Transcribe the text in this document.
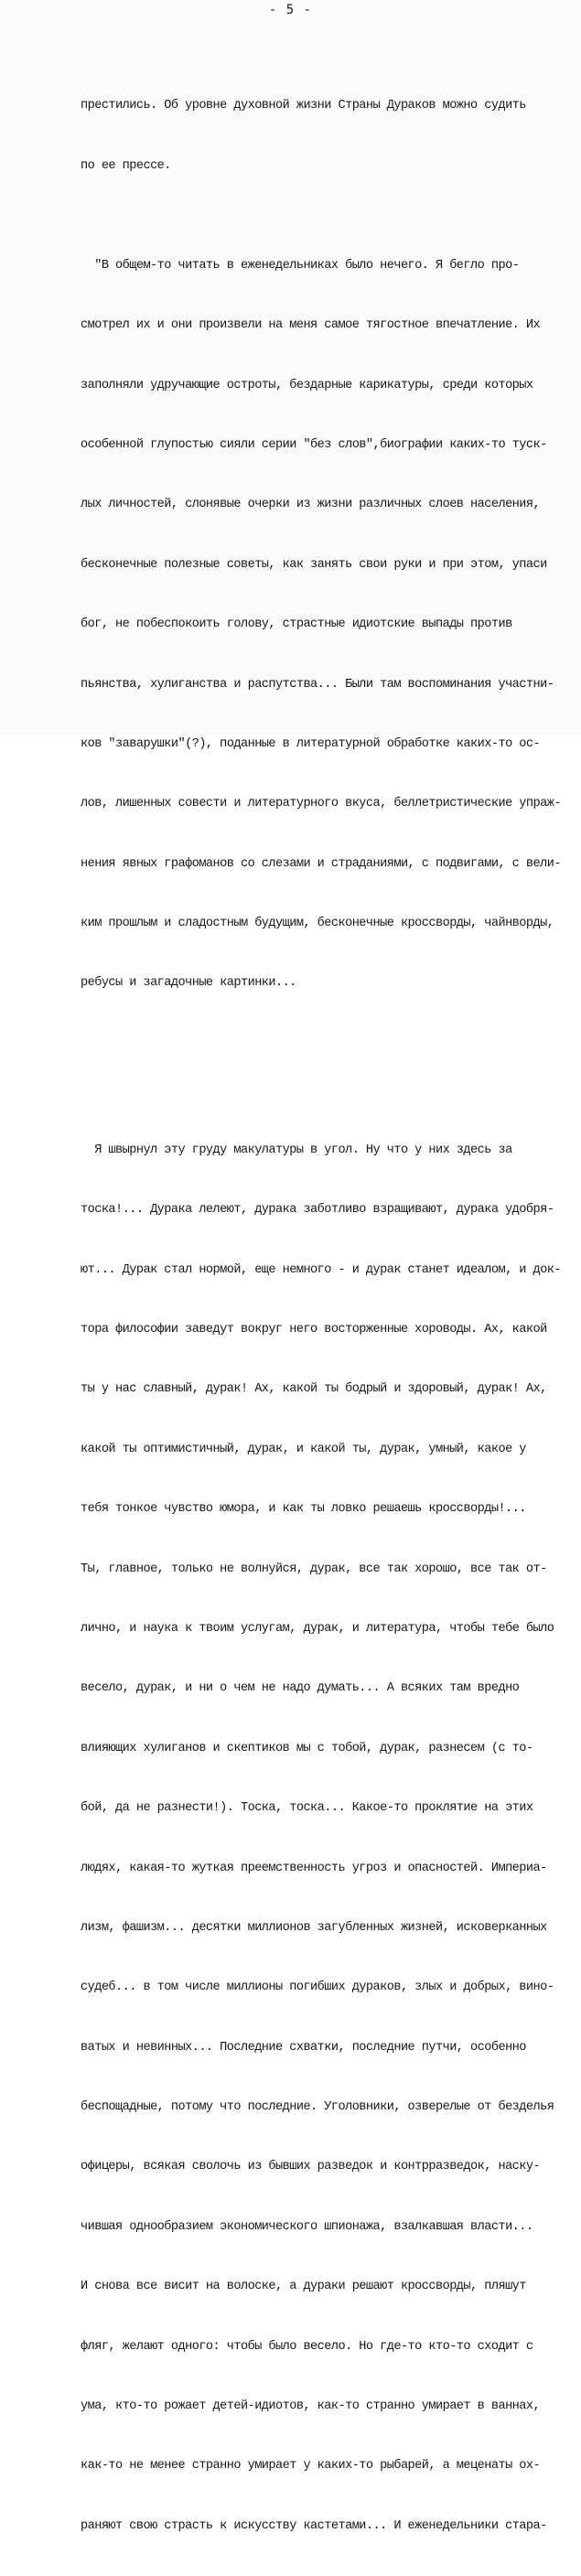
- 5 -

преcтились. Об уровне духовной жизни Страны Дураков можно судить

по ее прессе.

"В общем-то читать в еженедельниках было нечего. Я бегло про-

смотрел их и они произвели на меня самое тягостное впечатление. Их

заполняли удручающие остроты, бездарные карикатуры, среди которых

особенной глупостью сияли серии "без слов",биографии каких-то туск-

лых личностей, слонявые очерки из жизни различных слоев населения,

бесконечные полезные советы, как занять свои руки и при этом, упаси

бог, не побеспокоить голову, страстные идиотские выпады против

пьянства, хулиганства и распутства... Были там воспоминания участни-

ков "заварушки"(?), поданные в литературной обработке каких-то ос-

лов, лишенных совести и литературного вкуса, беллетристические упраж-

нения явных графоманов со слезами и страданиями, с подвигами, с вели-

ким прошлым и сладостным будущим, бесконечные кроссворды, чайнворды,

ребусы и загадочные картинки...

Я швырнул эту груду макулатуры в угол. Ну что у них здесь за

тоска!... Дурака лелеют, дурака заботливо взращивают, дурака удобря-

ют... Дурак стал нормой, еще немного - и дурак станет идеалом, и док-

тора философии заведут вокруг него восторженные хороводы. Ах, какой

ты у нас славный, дурак! Ах, какой ты бодрый и здоровый, дурак! Ах,

какой ты оптимистичный, дурак, и какой ты, дурак, умный, какое у

тебя тонкое чувство юмора, и как ты ловко решаешь кроссворды!...

Ты, главное, только не волнуйся, дурак, все так хорошо, все так от-

лично, и наука к твоим услугам, дурак, и литература, чтобы тебе было

весело, дурак, и ни о чем не надо думать... А всяких там вредно

влияющих хулиганов и скептиков мы с тобой, дурак, разнесем (с то-

бой, да не разнести!). Тоска, тоска... Какое-то проклятие на этих

людях, какая-то жуткая преемственность угроз и опасностей. Империа-

лизм, фашизм... десятки миллионов загубленных жизней, исковерканных

судеб... в том числе миллионы погибших дураков, злых и добрых, вино-

ватых и невинных... Последние схватки, последние путчи, особенно

беспощадные, потому что последние. Уголовники, озверелые от безделья

офицеры, всякая сволочь из бывших разведок и контрразведок, наску-

чившая однообразием экономического шпионажа, взалкавшая власти...

И снова все висит на волоске, а дураки решают кроссворды, пляшут

фляг, желают одного: чтобы было весело. Но где-то кто-то сходит с

ума, кто-то рожает детей-идиотов, как-то странно умирает в ваннах,

как-то не менее странно умирает у каких-то рыбарей, а меценаты ох-

раняют свою страсть к искусству кастетами... И еженедельники стара-
